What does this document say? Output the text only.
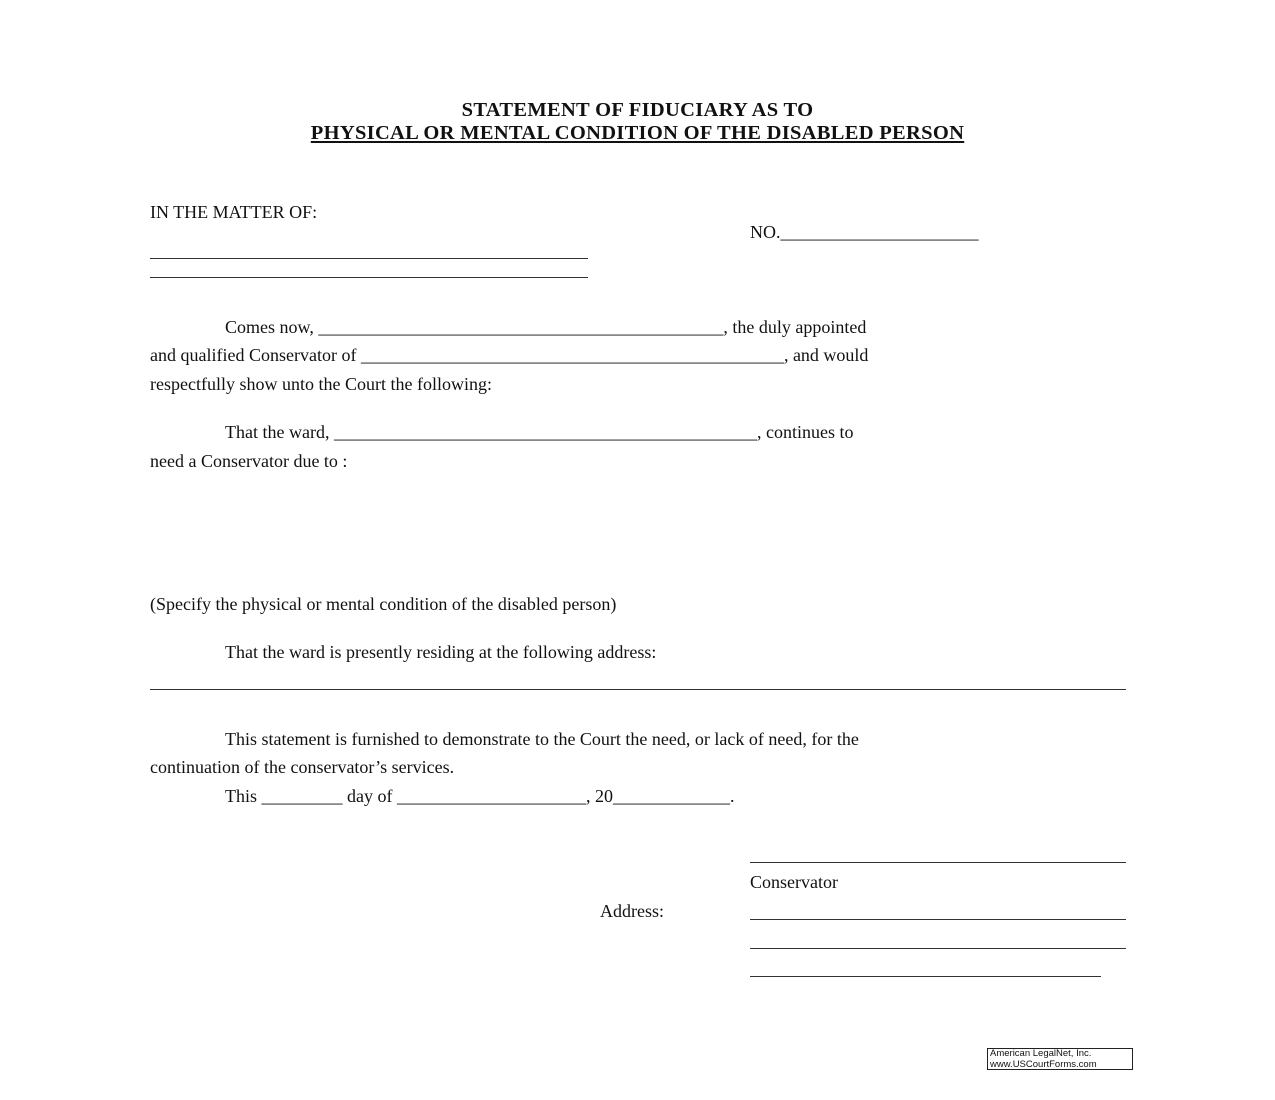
STATEMENT OF FIDUCIARY AS TO
PHYSICAL OR MENTAL CONDITION OF THE DISABLED PERSON
IN THE MATTER OF:
NO.______________________
Comes now, _____________________________________________, the duly appointed
and qualified Conservator of _______________________________________________, and would
respectfully show unto the Court the following:
That the ward, _______________________________________________, continues to
need a Conservator due to :
(Specify the physical or mental condition of the disabled person)
That the ward is presently residing at the following address:
This statement is furnished to demonstrate to the Court the need, or lack of need, for the
continuation of the conservator’s services.
This _________ day of _____________________, 20_____________.
Conservator
Address:
American LegalNet, Inc.
www.USCourtForms.com
